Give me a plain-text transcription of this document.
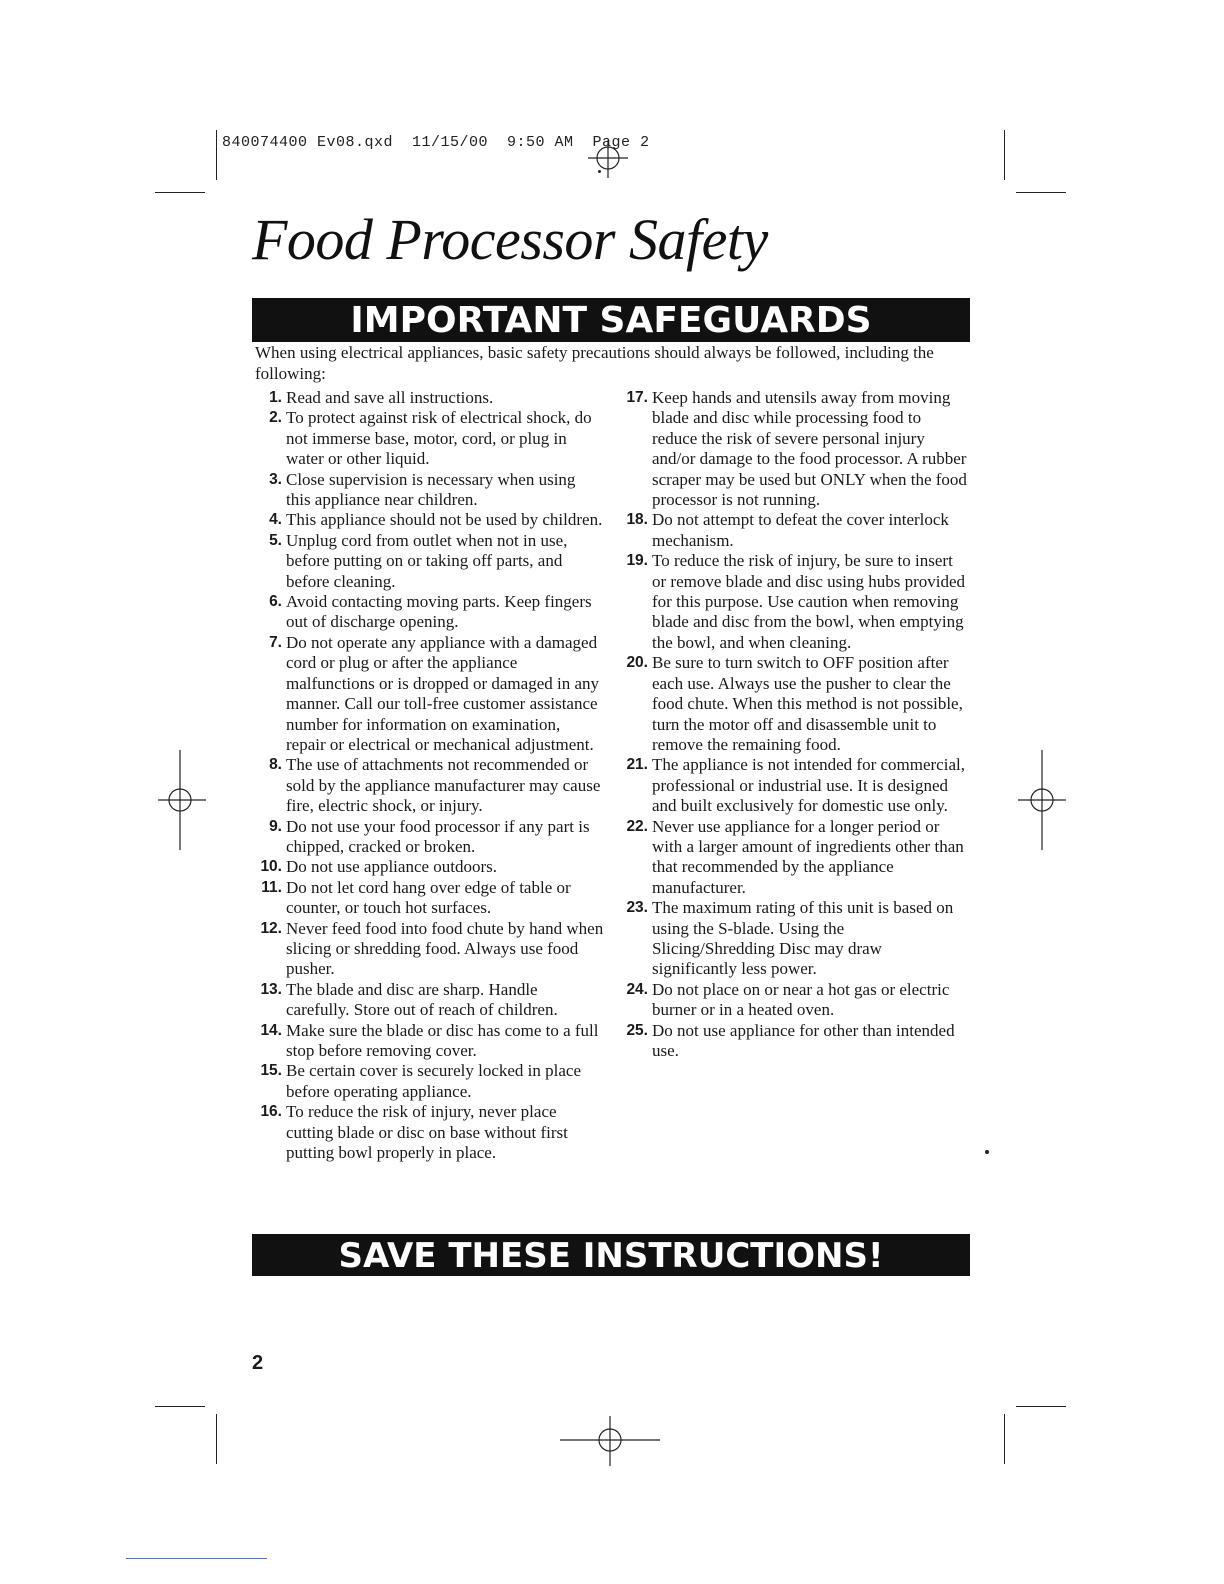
840074400 Ev08.qxd  11/15/00  9:50 AM  Page 2
Food Processor Safety
IMPORTANT SAFEGUARDS
When using electrical appliances, basic safety precautions should always be followed, including the following:
1. Read and save all instructions.
2. To protect against risk of electrical shock, do not immerse base, motor, cord, or plug in water or other liquid.
3. Close supervision is necessary when using this appliance near children.
4. This appliance should not be used by children.
5. Unplug cord from outlet when not in use, before putting on or taking off parts, and before cleaning.
6. Avoid contacting moving parts. Keep fingers out of discharge opening.
7. Do not operate any appliance with a damaged cord or plug or after the appliance malfunctions or is dropped or damaged in any manner. Call our toll-free customer assistance number for information on examination, repair or electrical or mechanical adjustment.
8. The use of attachments not recommended or sold by the appliance manufacturer may cause fire, electric shock, or injury.
9. Do not use your food processor if any part is chipped, cracked or broken.
10. Do not use appliance outdoors.
11. Do not let cord hang over edge of table or counter, or touch hot surfaces.
12. Never feed food into food chute by hand when slicing or shredding food. Always use food pusher.
13. The blade and disc are sharp. Handle carefully. Store out of reach of children.
14. Make sure the blade or disc has come to a full stop before removing cover.
15. Be certain cover is securely locked in place before operating appliance.
16. To reduce the risk of injury, never place cutting blade or disc on base without first putting bowl properly in place.
17. Keep hands and utensils away from moving blade and disc while processing food to reduce the risk of severe personal injury and/or damage to the food processor. A rubber scraper may be used but ONLY when the food processor is not running.
18. Do not attempt to defeat the cover interlock mechanism.
19. To reduce the risk of injury, be sure to insert or remove blade and disc using hubs provided for this purpose. Use caution when removing blade and disc from the bowl, when emptying the bowl, and when cleaning.
20. Be sure to turn switch to OFF position after each use. Always use the pusher to clear the food chute. When this method is not possible, turn the motor off and disassemble unit to remove the remaining food.
21. The appliance is not intended for commercial, professional or industrial use. It is designed and built exclusively for domestic use only.
22. Never use appliance for a longer period or with a larger amount of ingredients other than that recommended by the appliance manufacturer.
23. The maximum rating of this unit is based on using the S-blade. Using the Slicing/Shredding Disc may draw significantly less power.
24. Do not place on or near a hot gas or electric burner or in a heated oven.
25. Do not use appliance for other than intended use.
SAVE THESE INSTRUCTIONS!
2
